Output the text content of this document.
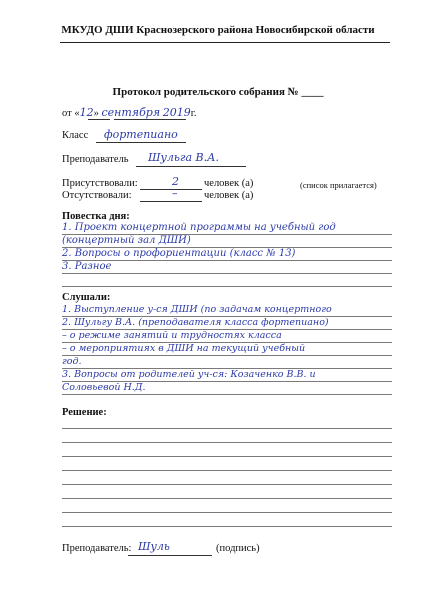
МКУДО ДШИ Краснозерского района Новосибирской области
Протокол родительского собрания № ____
от «12» сентября 2019г.
Класс фортепиано
Преподаватель Шульга В.А.
Присутствовали:	2 человек (а)	(список прилагается)
Отсутствовали:	–	человек (а)
Повестка дня:
1. Проект концертной программы на учебный год
(концертный зал ДШИ)
2. Вопросы о профориентации (класс № 13)
3. Разное
Слушали:
1. Выступление у-ся ДШИ (по задачам концертного
2. Шульгу В.А. (преподавателя класса фортепиано)
– о режиме занятий и трудностях класса
– о мероприятиях в ДШИ на текущий учебный
год.
3. Вопросы от родителей уч-ся: Козаченко В.В. и
Соловьевой Н.Д.
Решение:
Преподаватель: Шуль	(подпись)
